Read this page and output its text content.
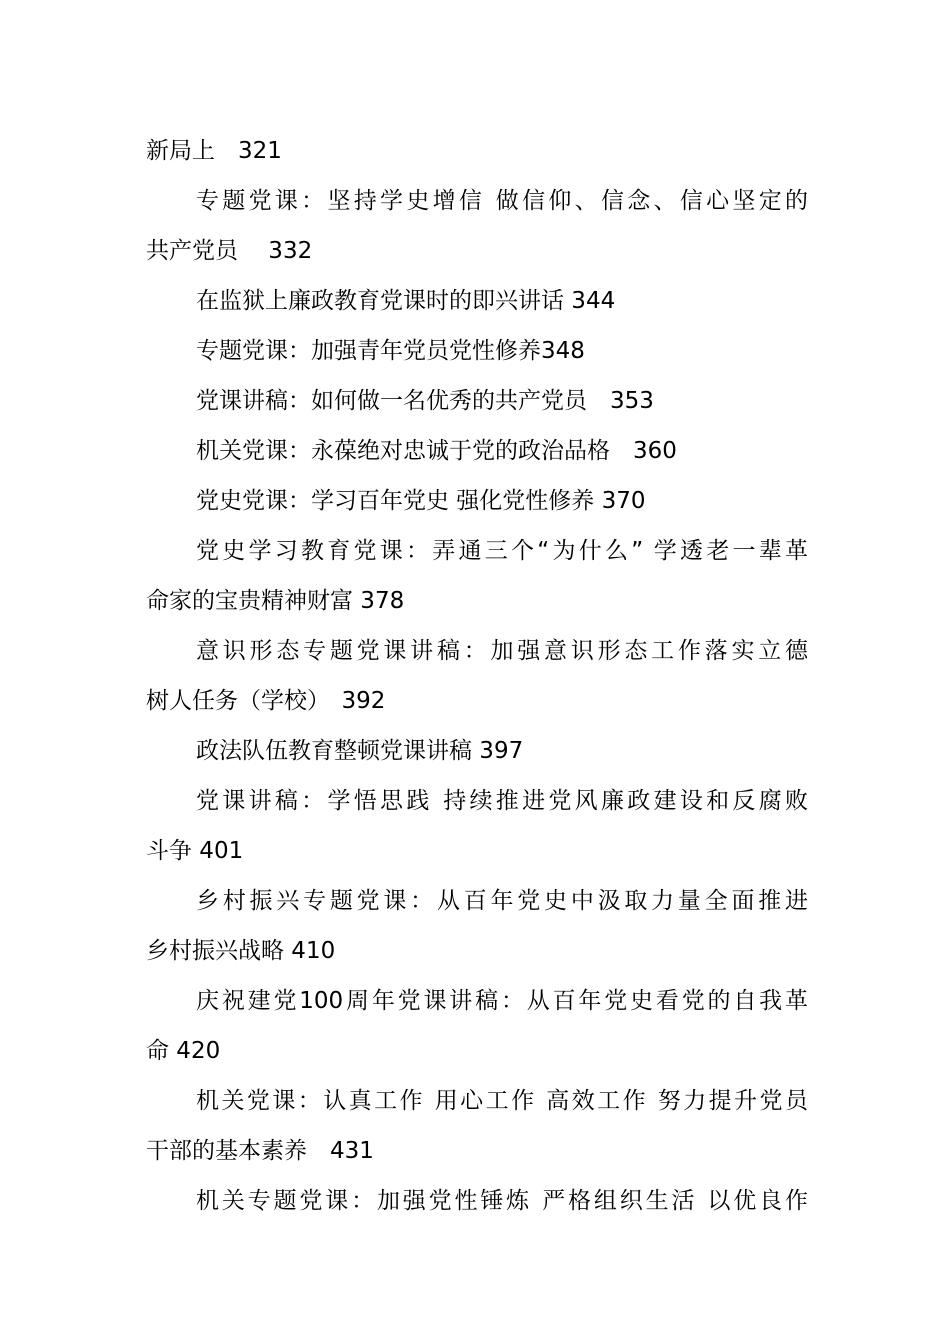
新局上　321
专题党课：坚持学史增信 做信仰、信念、信心坚定的
共产党员　 332
在监狱上廉政教育党课时的即兴讲话 344
专题党课：加强青年党员党性修养348
党课讲稿：如何做一名优秀的共产党员　353
机关党课：永葆绝对忠诚于党的政治品格　360
党史党课：学习百年党史 强化党性修养 370
党史学习教育党课：弄通三个“为什么” 学透老一辈革
命家的宝贵精神财富 378
意识形态专题党课讲稿：加强意识形态工作落实立德
树人任务（学校）　392
政法队伍教育整顿党课讲稿 397
党课讲稿：学悟思践 持续推进党风廉政建设和反腐败
斗争 401
乡村振兴专题党课：从百年党史中汲取力量全面推进
乡村振兴战略 410
庆祝建党100周年党课讲稿：从百年党史看党的自我革
命 420
机关党课：认真工作 用心工作 高效工作 努力提升党员
干部的基本素养　431
机关专题党课：加强党性锤炼 严格组织生活 以优良作
